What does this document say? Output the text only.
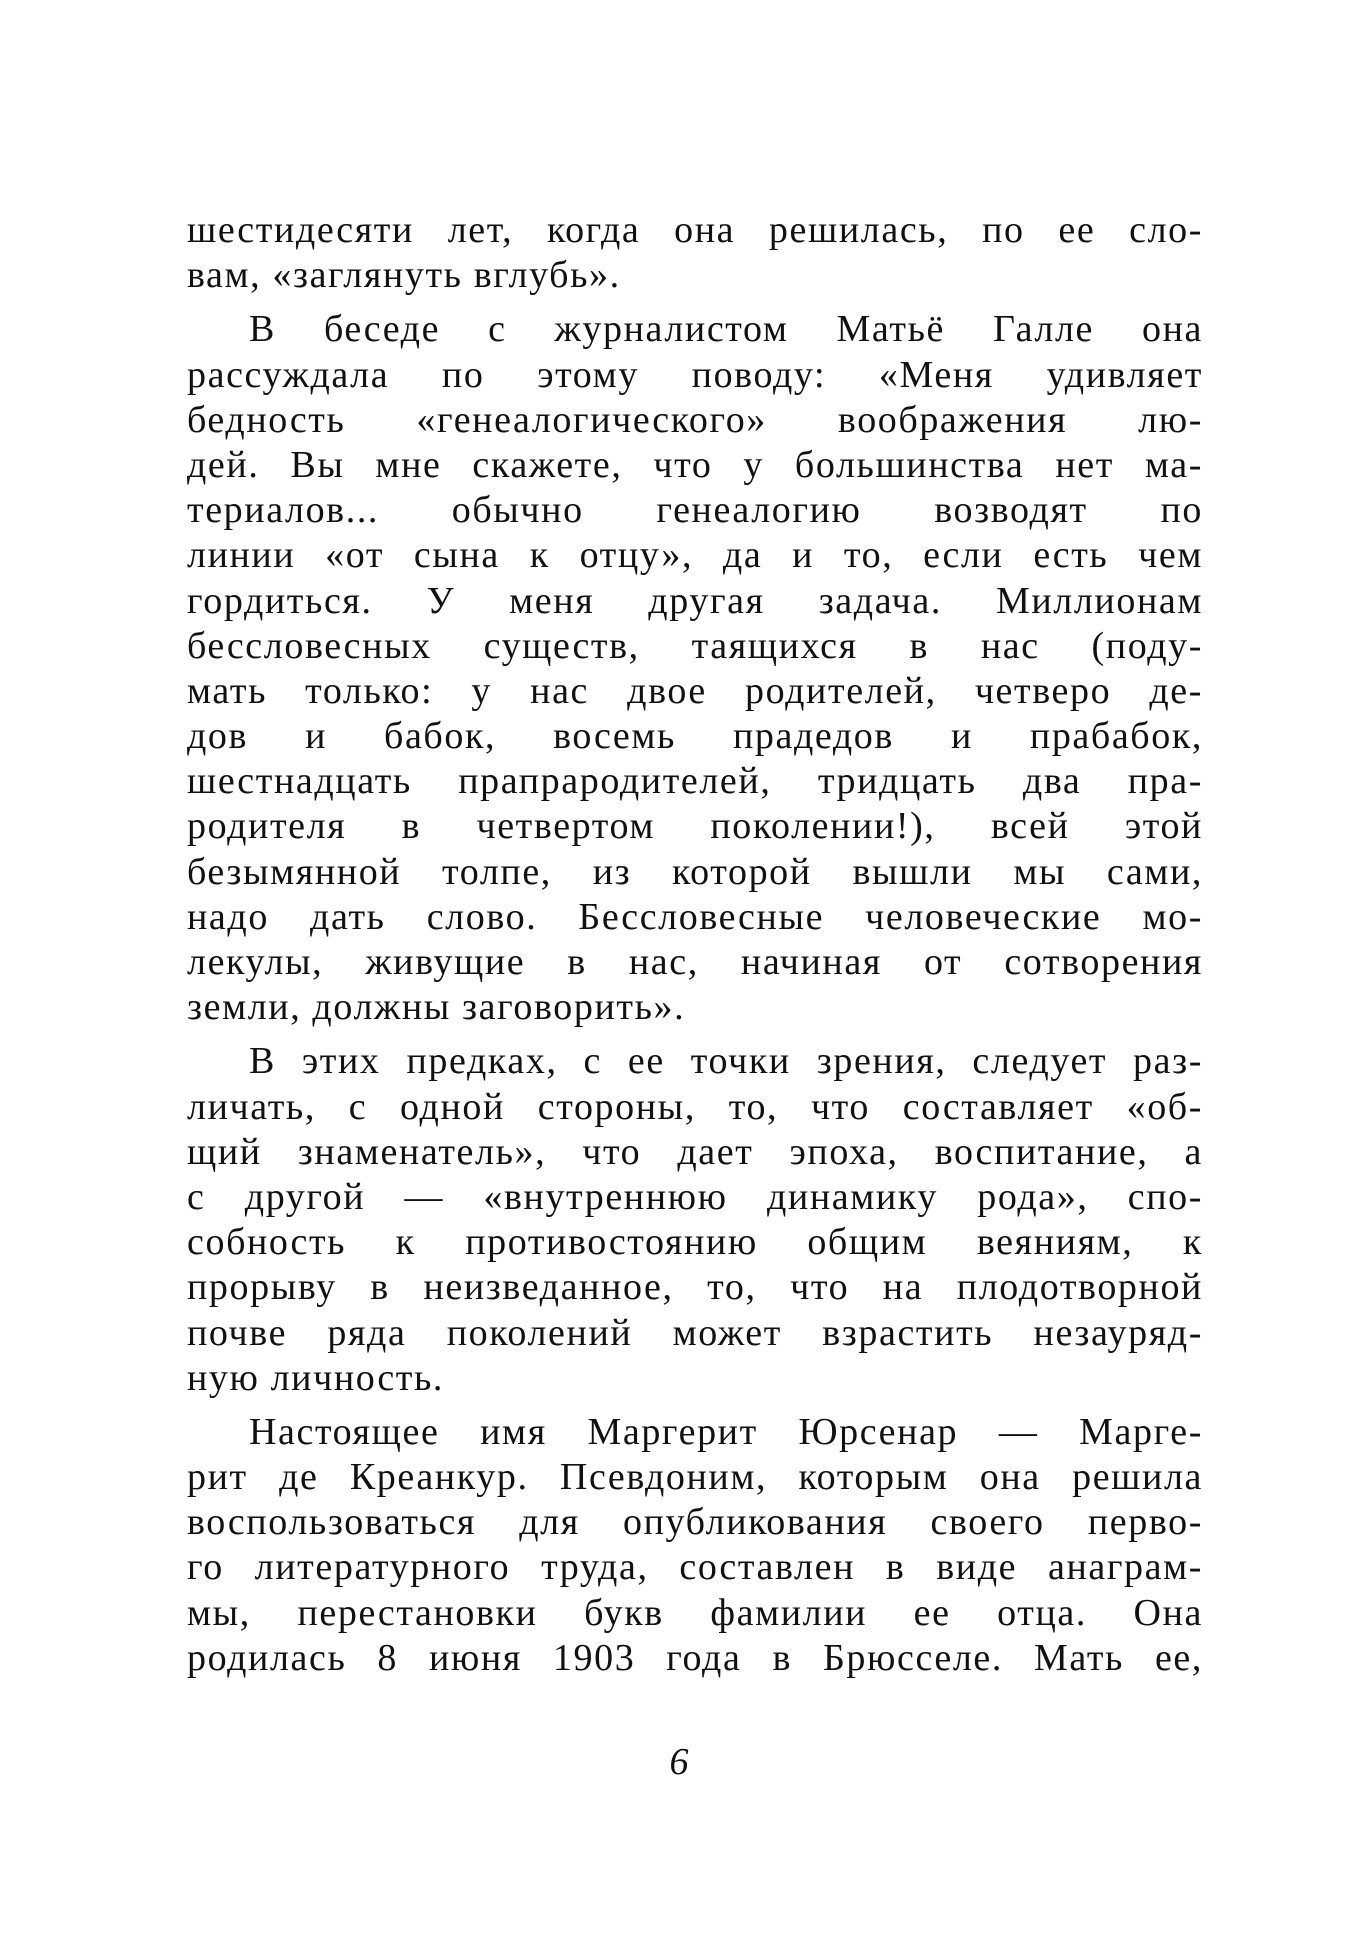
шестидесяти лет, когда она решилась, по ее сло-
вам, «заглянуть вглубь».
В беседе с журналистом Матьё Галле она
рассуждала по этому поводу: «Меня удивляет
бедность «генеалогического» воображения лю-
дей. Вы мне скажете, что у большинства нет ма-
териалов... обычно генеалогию возводят по
линии «от сына к отцу», да и то, если есть чем
гордиться. У меня другая задача. Миллионам
бессловесных существ, таящихся в нас (поду-
мать только: у нас двое родителей, четверо де-
дов и бабок, восемь прадедов и прабабок,
шестнадцать прапрародителей, тридцать два пра-
родителя в четвертом поколении!), всей этой
безымянной толпе, из которой вышли мы сами,
надо дать слово. Бессловесные человеческие мо-
лекулы, живущие в нас, начиная от сотворения
земли, должны заговорить».
В этих предках, с ее точки зрения, следует раз-
личать, с одной стороны, то, что составляет «об-
щий знаменатель», что дает эпоха, воспитание, а
с другой — «внутреннюю динамику рода», спо-
собность к противостоянию общим веяниям, к
прорыву в неизведанное, то, что на плодотворной
почве ряда поколений может взрастить незауряд-
ную личность.
Настоящее имя Маргерит Юрсенар — Марге-
рит де Креанкур. Псевдоним, которым она решила
воспользоваться для опубликования своего перво-
го литературного труда, составлен в виде анаграм-
мы, перестановки букв фамилии ее отца. Она
родилась 8 июня 1903 года в Брюсселе. Мать ее,
6
